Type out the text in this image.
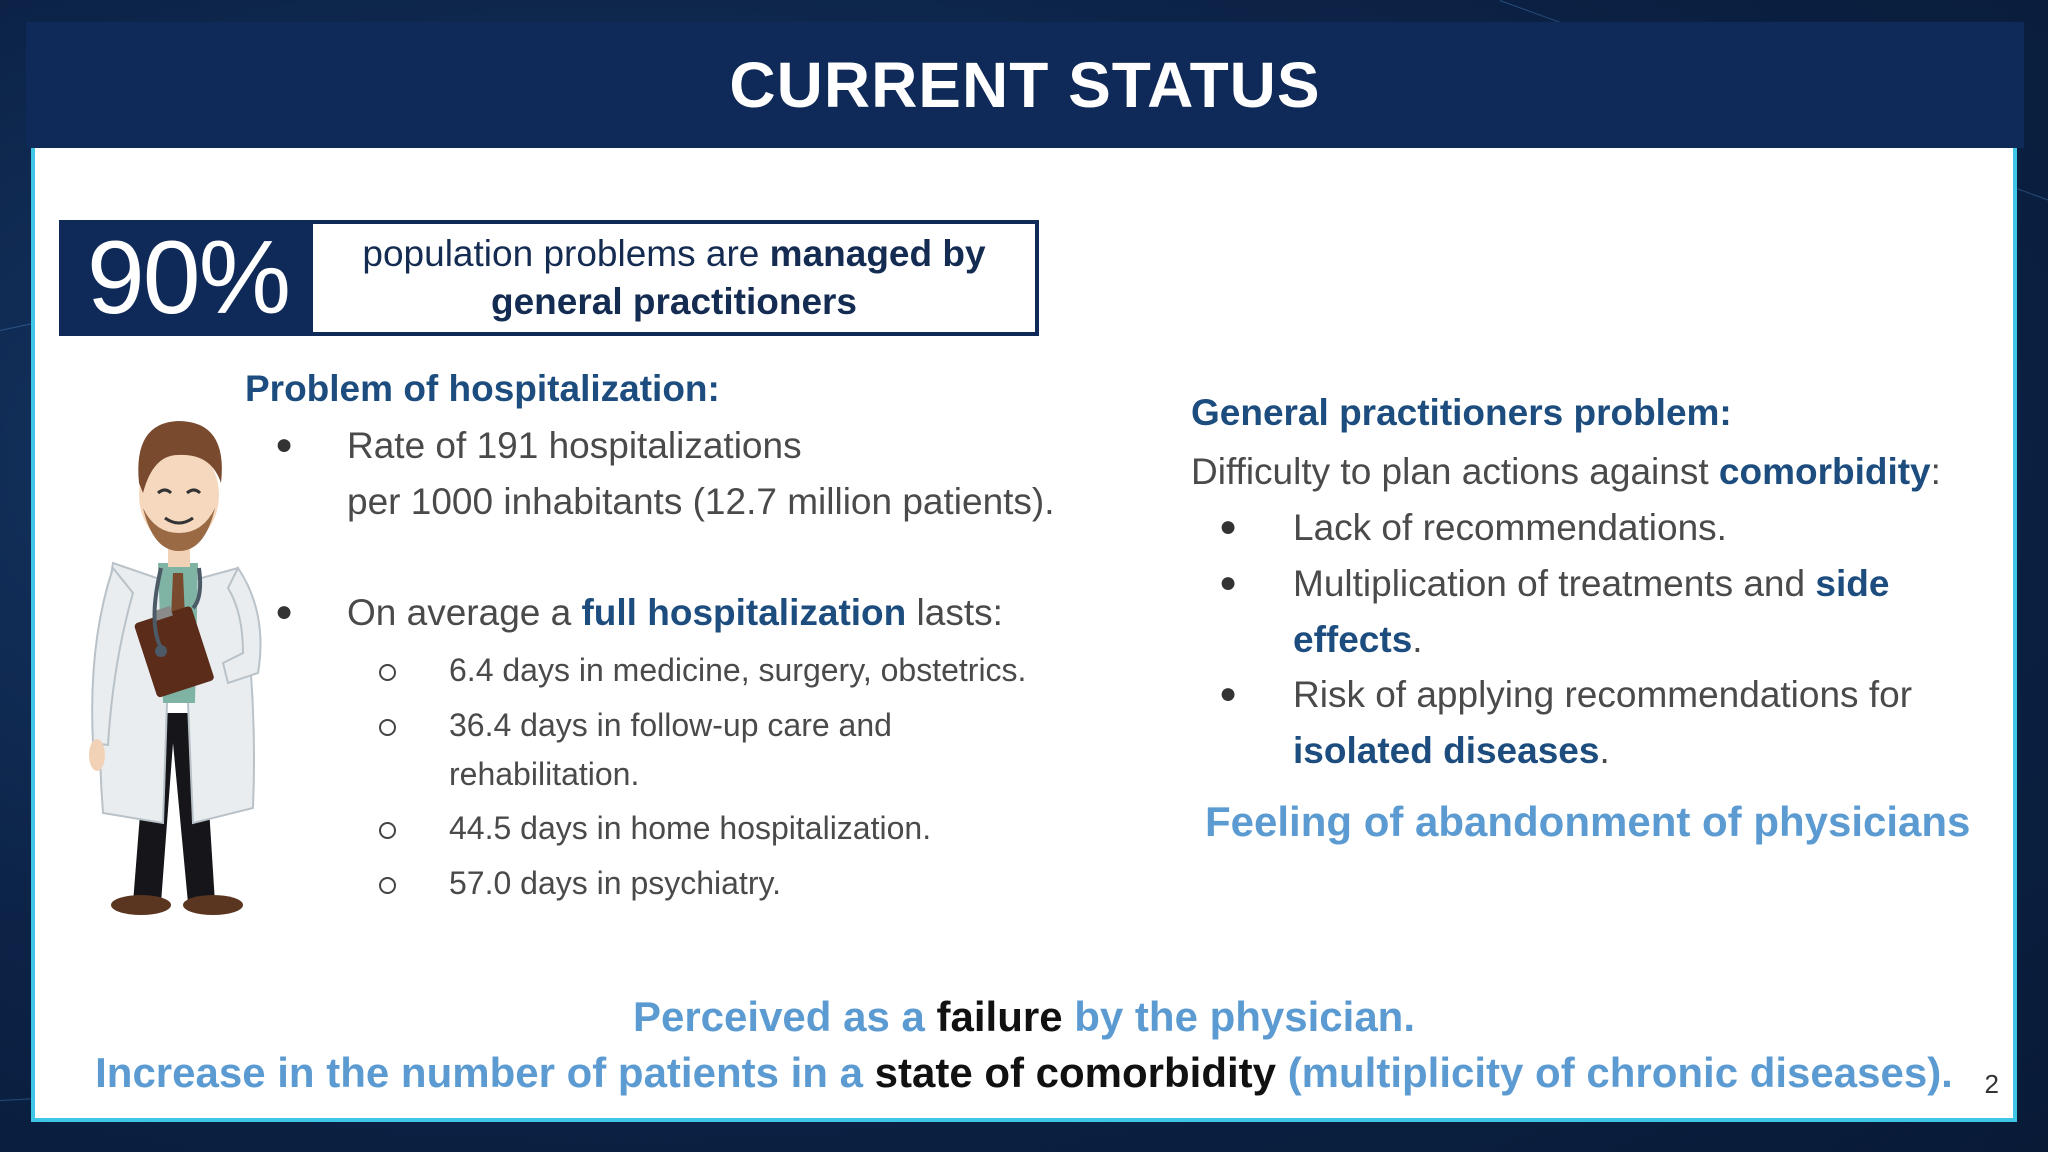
CURRENT STATUS
90%	population problems are managed by
general practitioners
Problem of hospitalization:
● Rate of 191 hospitalizations
per 1000 inhabitants (12.7 million patients).
● On average a full hospitalization lasts:
6.4 days in medicine, surgery, obstetrics.
36.4 days in follow-up care and
rehabilitation.
44.5 days in home hospitalization.
57.0 days in psychiatry.
General practitioners problem:
Difficulty to plan actions against comorbidity:
● Lack of recommendations.
● Multiplication of treatments and side
effects.
● Risk of applying recommendations for
isolated diseases.
Feeling of abandonment of physicians
Perceived as a failure by the physician.
Increase in the number of patients in a state of comorbidity (multiplicity of chronic diseases).	2
